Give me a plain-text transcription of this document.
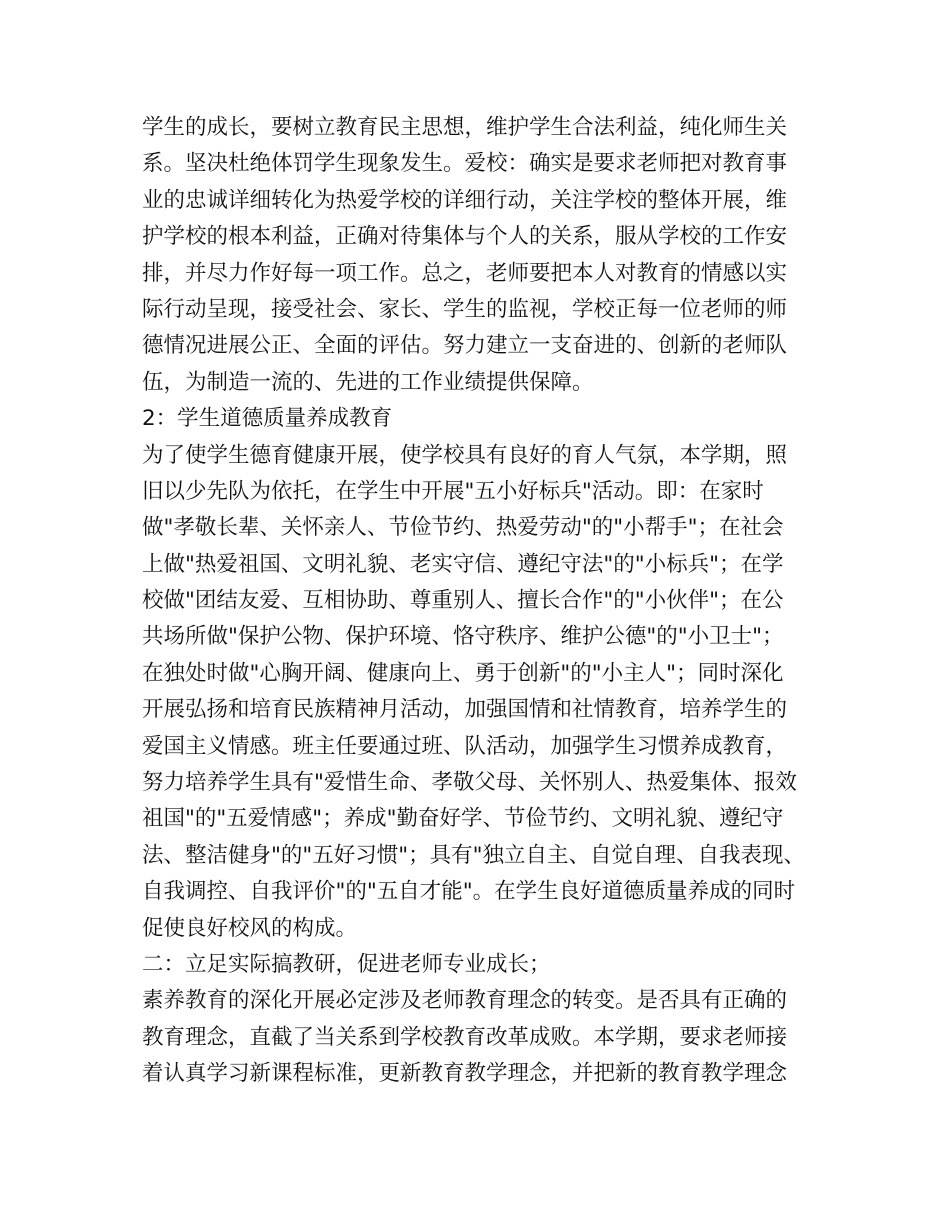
学生的成长，要树立教育民主思想，维护学生合法利益，纯化师生关
系。坚决杜绝体罚学生现象发生。爱校：确实是要求老师把对教育事
业的忠诚详细转化为热爱学校的详细行动，关注学校的整体开展，维
护学校的根本利益，正确对待集体与个人的关系，服从学校的工作安
排，并尽力作好每一项工作。总之，老师要把本人对教育的情感以实
际行动呈现，接受社会、家长、学生的监视，学校正每一位老师的师
德情况进展公正、全面的评估。努力建立一支奋进的、创新的老师队
伍，为制造一流的、先进的工作业绩提供保障。
2：学生道德质量养成教育
为了使学生德育健康开展，使学校具有良好的育人气氛，本学期，照
旧以少先队为依托，在学生中开展"五小好标兵"活动。即：在家时
做"孝敬长辈、关怀亲人、节俭节约、热爱劳动"的"小帮手"；在社会
上做"热爱祖国、文明礼貌、老实守信、遵纪守法"的"小标兵"；在学
校做"团结友爱、互相协助、尊重别人、擅长合作"的"小伙伴"；在公
共场所做"保护公物、保护环境、恪守秩序、维护公德"的"小卫士"；
在独处时做"心胸开阔、健康向上、勇于创新"的"小主人"；同时深化
开展弘扬和培育民族精神月活动，加强国情和社情教育，培养学生的
爱国主义情感。班主任要通过班、队活动，加强学生习惯养成教育，
努力培养学生具有"爱惜生命、孝敬父母、关怀别人、热爱集体、报效
祖国"的"五爱情感"；养成"勤奋好学、节俭节约、文明礼貌、遵纪守
法、整洁健身"的"五好习惯"；具有"独立自主、自觉自理、自我表现、
自我调控、自我评价"的"五自才能"。在学生良好道德质量养成的同时
促使良好校风的构成。
二：立足实际搞教研，促进老师专业成长；
素养教育的深化开展必定涉及老师教育理念的转变。是否具有正确的
教育理念，直截了当关系到学校教育改革成败。本学期，要求老师接
着认真学习新课程标准，更新教育教学理念，并把新的教育教学理念
